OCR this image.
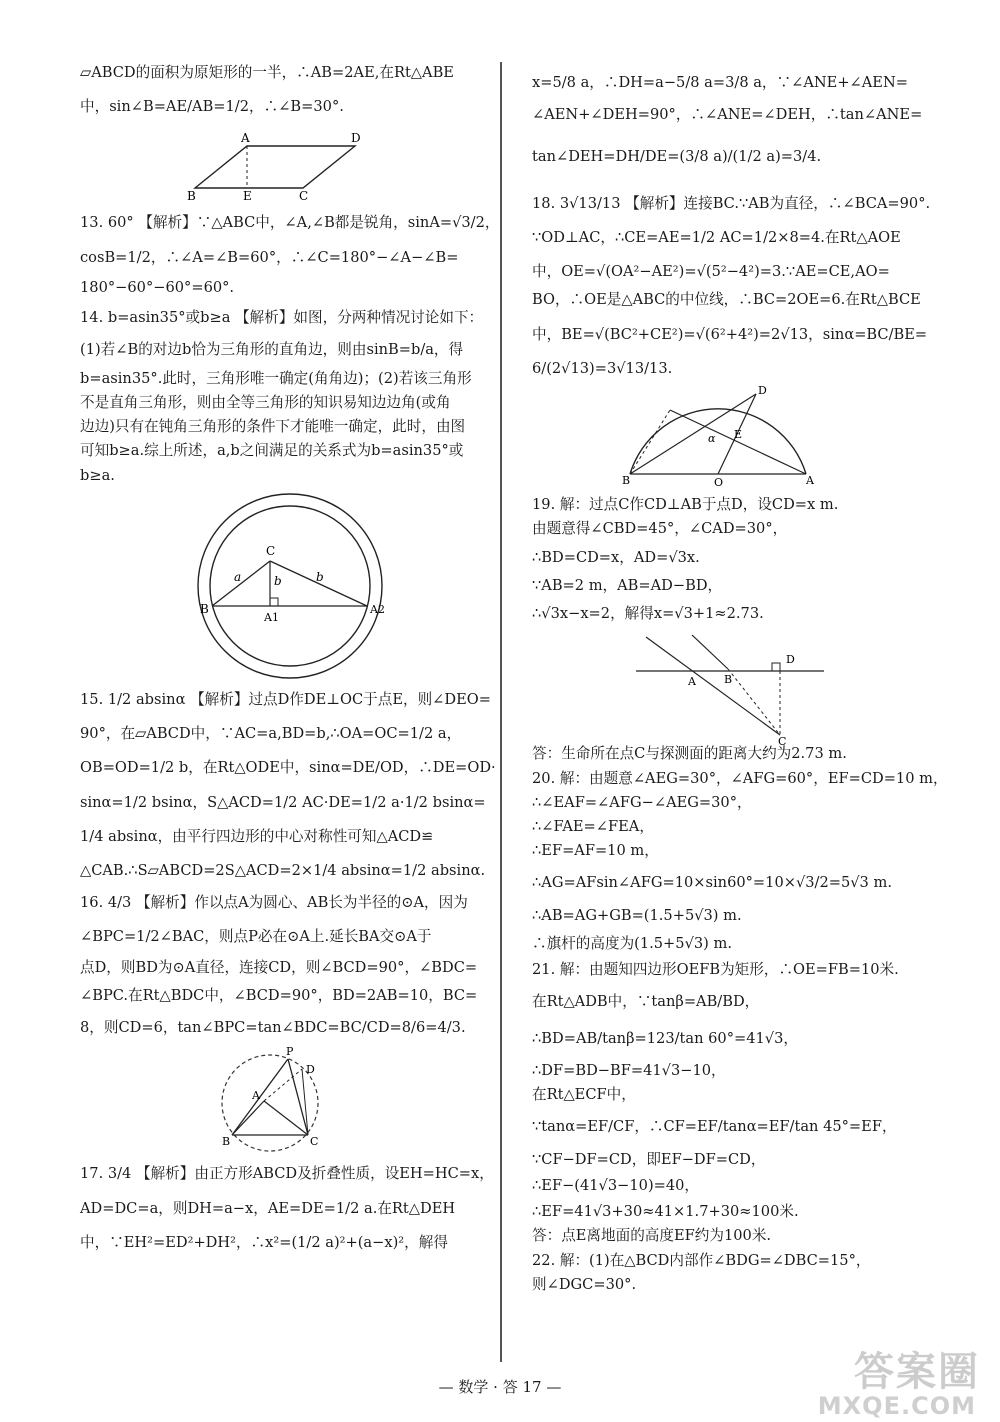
▱ABCD的面积为原矩形的一半，∴AB=2AE,在Rt△ABE
中，sin∠B=AE/AB=1/2，∴∠B=30°.
A	D
B	E	C
13. 60° 【解析】∵△ABC中，∠A,∠B都是锐角，sinA=√3/2，
cosB=1/2，∴∠A=∠B=60°，∴∠C=180°−∠A−∠B=
180°−60°−60°=60°.
14. b=asin35°或b≥a 【解析】如图，分两种情况讨论如下：
(1)若∠B的对边b恰为三角形的直角边，则由sinB=b/a，得
b=asin35°.此时，三角形唯一确定(角角边)；(2)若该三角形
不是直角三角形，则由全等三角形的知识易知边边角(或角
边边)只有在钝角三角形的条件下才能唯一确定，此时，由图
可知b≥a.综上所述，a,b之间满足的关系式为b=asin35°或
b≥a.
C
a	b	b
B
A1
A2
15. 1/2 absinα 【解析】过点D作DE⊥OC于点E，则∠DEO=
90°，在▱ABCD中，∵AC=a,BD=b,∴OA=OC=1/2 a，
OB=OD=1/2 b，在Rt△ODE中，sinα=DE/OD，∴DE=OD·
sinα=1/2 bsinα，S△ACD=1/2 AC·DE=1/2 a·1/2 bsinα=
1/4 absinα，由平行四边形的中心对称性可知△ACD≌
△CAB.∴S▱ABCD=2S△ACD=2×1/4 absinα=1/2 absinα.
16. 4/3 【解析】作以点A为圆心、AB长为半径的⊙A，因为
∠BPC=1/2∠BAC，则点P必在⊙A上.延长BA交⊙A于
点D，则BD为⊙A直径，连接CD，则∠BCD=90°，∠BDC=
∠BPC.在Rt△BDC中，∠BCD=90°，BD=2AB=10，BC=
8，则CD=6，tan∠BPC=tan∠BDC=BC/CD=8/6=4/3.
P
D
A
B	C
17. 3/4 【解析】由正方形ABCD及折叠性质，设EH=HC=x，
AD=DC=a，则DH=a−x，AE=DE=1/2 a.在Rt△DEH
中，∵EH²=ED²+DH²，∴x²=(1/2 a)²+(a−x)²，解得
x=5/8 a，∴DH=a−5/8 a=3/8 a，∵∠ANE+∠AEN=
∠AEN+∠DEH=90°，∴∠ANE=∠DEH，∴tan∠ANE=
tan∠DEH=DH/DE=(3/8 a)/(1/2 a)=3/4.
18. 3√13/13 【解析】连接BC.∵AB为直径，∴∠BCA=90°.
∵OD⊥AC，∴CE=AE=1/2 AC=1/2×8=4.在Rt△AOE
中，OE=√(OA²−AE²)=√(5²−4²)=3.∵AE=CE,AO=
BO，∴OE是△ABC的中位线，∴BC=2OE=6.在Rt△BCE
中，BE=√(BC²+CE²)=√(6²+4²)=2√13，sinα=BC/BE=
6/(2√13)=3√13/13.
D
α E
B	O	A
19. 解：过点C作CD⊥AB于点D，设CD=x m.
由题意得∠CBD=45°，∠CAD=30°，
∴BD=CD=x，AD=√3x.
∵AB=2 m，AB=AD−BD，
∴√3x−x=2，解得x=√3+1≈2.73.
D
A	B
C
答：生命所在点C与探测面的距离大约为2.73 m.
20. 解：由题意∠AEG=30°，∠AFG=60°，EF=CD=10 m，
∴∠EAF=∠AFG−∠AEG=30°，
∴∠FAE=∠FEA，
∴EF=AF=10 m，
∴AG=AFsin∠AFG=10×sin60°=10×√3/2=5√3 m.
∴AB=AG+GB=(1.5+5√3) m.
∴旗杆的高度为(1.5+5√3) m.
21. 解：由题知四边形OEFB为矩形，∴OE=FB=10米.
在Rt△ADB中，∵tanβ=AB/BD，
∴BD=AB/tanβ=123/tan 60°=41√3，
∴DF=BD−BF=41√3−10，
在Rt△ECF中，
∵tanα=EF/CF，∴CF=EF/tanα=EF/tan 45°=EF，
∵CF−DF=CD，即EF−DF=CD，
∴EF−(41√3−10)=40，
∴EF=41√3+30≈41×1.7+30≈100米.
答：点E离地面的高度EF约为100米.
22. 解：(1)在△BCD内部作∠BDG=∠DBC=15°，
则∠DGC=30°.
— 数学 · 答 17 —	答案圈
MXQE.COM
